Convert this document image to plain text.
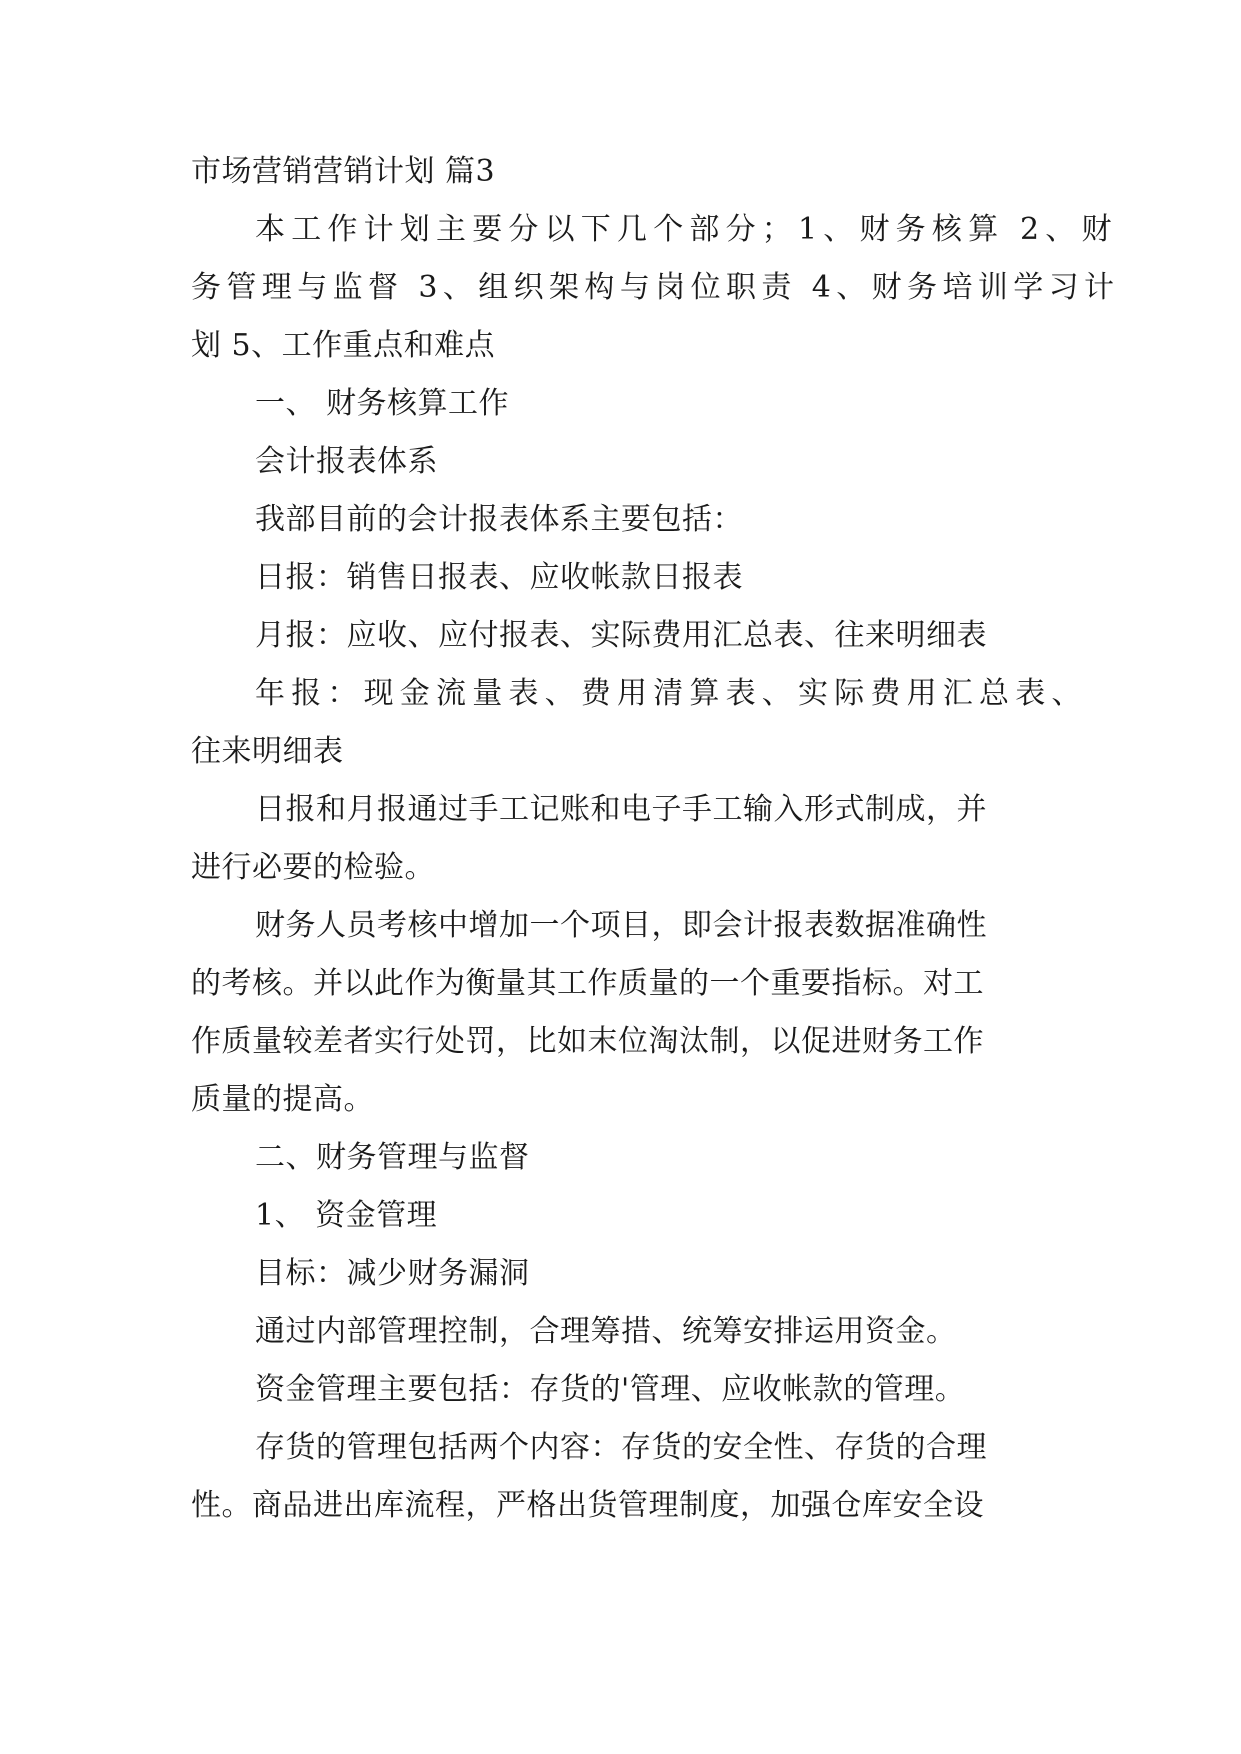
市场营销营销计划 篇3

本工作计划主要分以下几个部分；1、财务核算 2、财

务管理与监督 3、组织架构与岗位职责 4、财务培训学习计

划 5、工作重点和难点

一、 财务核算工作

会计报表体系

我部目前的会计报表体系主要包括：

日报：销售日报表、应收帐款日报表

月报：应收、应付报表、实际费用汇总表、往来明细表

年报：现金流量表、费用清算表、实际费用汇总表、

往来明细表

日报和月报通过手工记账和电子手工输入形式制成，并

进行必要的检验。

财务人员考核中增加一个项目，即会计报表数据准确性

的考核。并以此作为衡量其工作质量的一个重要指标。对工

作质量较差者实行处罚，比如末位淘汰制，以促进财务工作

质量的提高。

二、财务管理与监督

1、 资金管理

目标：减少财务漏洞

通过内部管理控制，合理筹措、统筹安排运用资金。

资金管理主要包括：存货的'管理、应收帐款的管理。

存货的管理包括两个内容：存货的安全性、存货的合理

性。商品进出库流程，严格出货管理制度，加强仓库安全设
